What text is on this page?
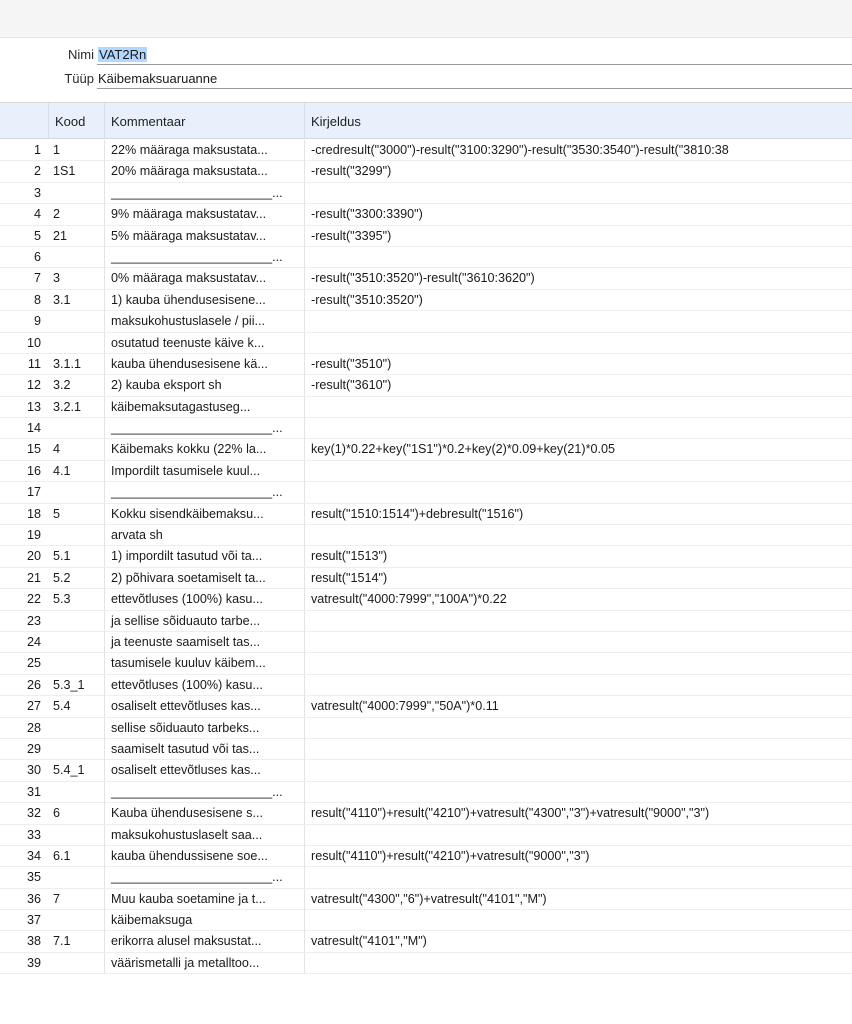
Nimi VAT2Rn
Tüüp Käibemaksuaruanne
Kood	Kommentaar	Kirjeldus
1 1	22% määraga maksustata...	-credresult("3000")-result("3100:3290")-result("3530:3540")-result("3810:38
2 1S1	20% määraga maksustata...	-result("3299")
3	_______________________...
4 2	9% määraga maksustatav...	-result("3300:3390")
5 21	5% määraga maksustatav...	-result("3395")
6	_______________________...
7 3	0% määraga maksustatav...	-result("3510:3520")-result("3610:3620")
8 3.1	1) kauba ühendusesisene...	-result("3510:3520")
9	maksukohustuslasele / pii...
10	osutatud teenuste käive k...
11 3.1.1	kauba ühendusesisene kä...	-result("3510")
12 3.2	2) kauba eksport sh	-result("3610")
13 3.2.1	käibemaksutagastuseg...
14	_______________________...
15 4	Käibemaks kokku (22% la...	key(1)*0.22+key("1S1")*0.2+key(2)*0.09+key(21)*0.05
16 4.1	Impordilt tasumisele kuul...
17	_______________________...
18 5	Kokku sisendkäibemaksu...	result("1510:1514")+debresult("1516")
19	arvata sh
20 5.1	1) impordilt tasutud või ta...	result("1513")
21 5.2	2) põhivara soetamiselt ta...	result("1514")
22 5.3	ettevõtluses (100%) kasu...	vatresult("4000:7999","100A")*0.22
23	ja sellise sõiduauto tarbe...
24	ja teenuste saamiselt tas...
25	tasumisele kuuluv käibem...
26 5.3_1	ettevõtluses (100%) kasu...
27 5.4	osaliselt ettevõtluses kas...	vatresult("4000:7999","50A")*0.11
28	sellise sõiduauto tarbeks...
29	saamiselt tasutud või tas...
30 5.4_1	osaliselt ettevõtluses kas...
31	_______________________...
32 6	Kauba ühendusesisene s...	result("4110")+result("4210")+vatresult("4300","3")+vatresult("9000","3")
33	maksukohustuslaselt saa...
34 6.1	kauba ühendussisene soe...	result("4110")+result("4210")+vatresult("9000","3")
35	_______________________...
36 7	Muu kauba soetamine ja t...	vatresult("4300","6")+vatresult("4101","M")
37	käibemaksuga
38 7.1	erikorra alusel maksustat...	vatresult("4101","M")
39	väärismetalli ja metalltoo...
